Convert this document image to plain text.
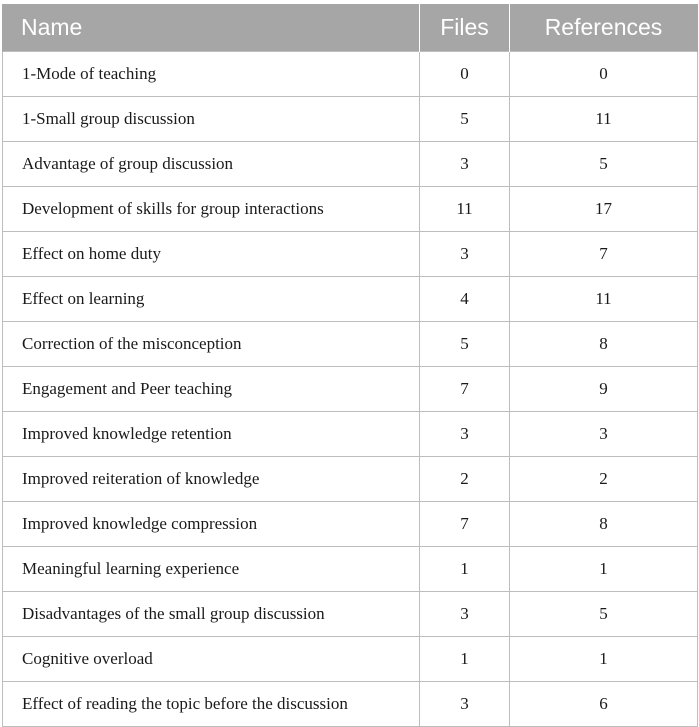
Name	Files	References
1-Mode of teaching	0	0
1-Small group discussion	5	11
Advantage of group discussion	3	5
Development of skills for group interactions	11	17
Effect on home duty	3	7
Effect on learning	4	11
Correction of the misconception	5	8
Engagement and Peer teaching	7	9
Improved knowledge retention	3	3
Improved reiteration of knowledge	2	2
Improved knowledge compression	7	8
Meaningful learning experience	1	1
Disadvantages of the small group discussion	3	5
Cognitive overload	1	1
Effect of reading the topic before the discussion	3	6
